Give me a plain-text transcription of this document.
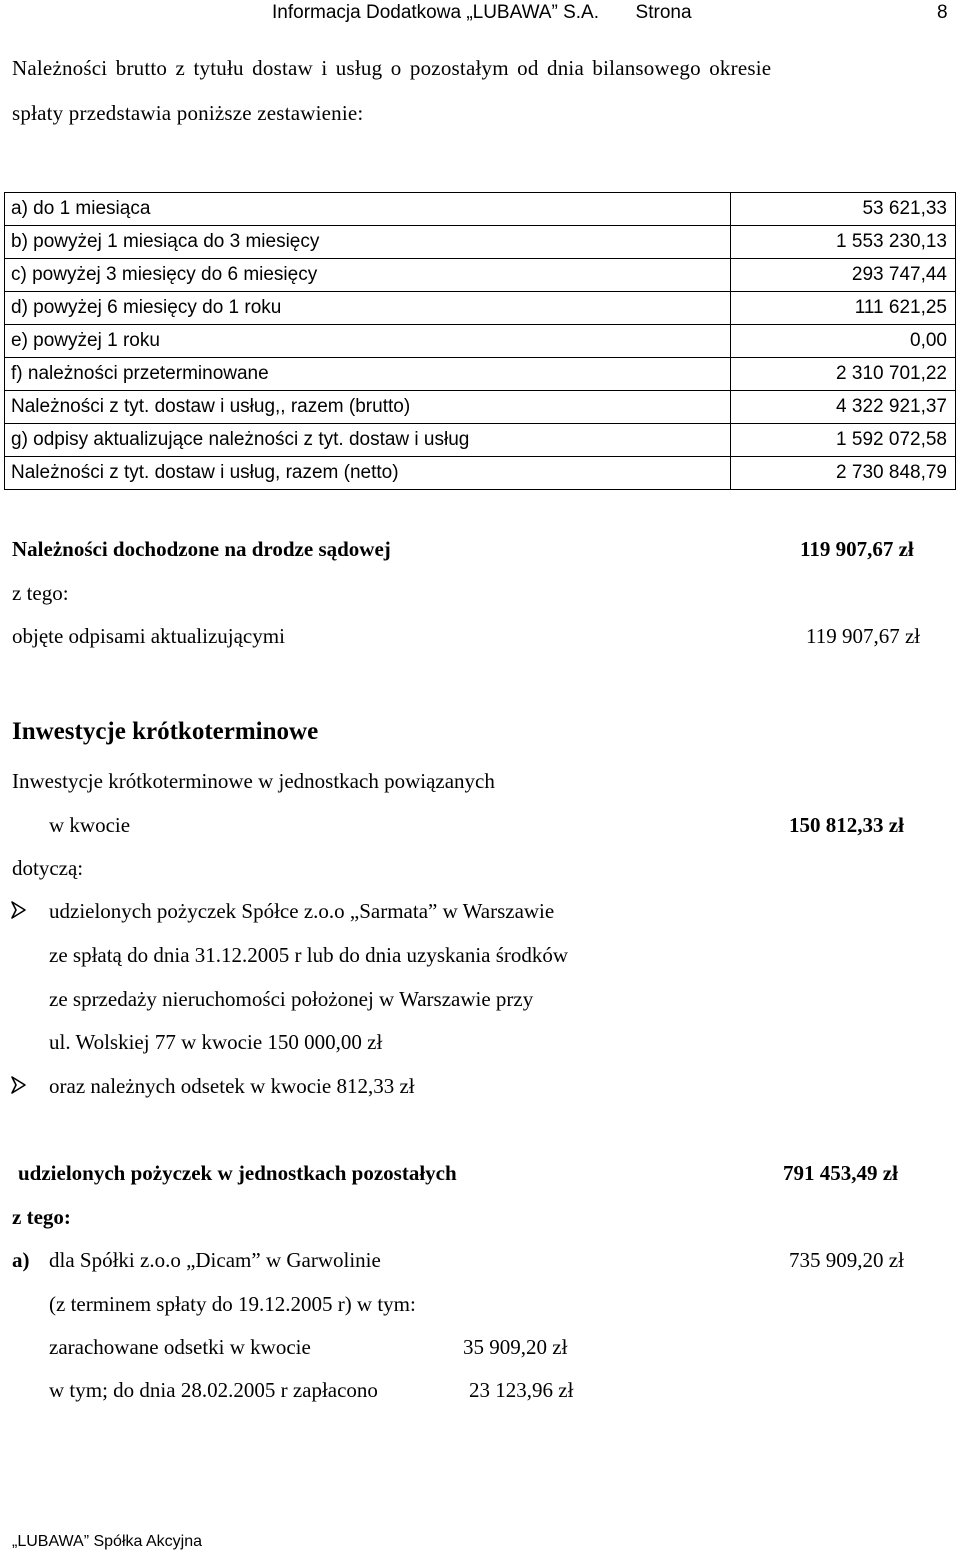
Informacja Dodatkowa „LUBAWA” S.A. Strona	8
Należności brutto z tytułu dostaw i usług o pozostałym od dnia bilansowego okresie
spłaty przedstawia poniższe zestawienie:
a) do 1 miesiąca	53 621,33
b) powyżej 1 miesiąca do 3 miesięcy	1 553 230,13
c) powyżej 3 miesięcy do 6 miesięcy	293 747,44
d) powyżej 6 miesięcy do 1 roku	111 621,25
e) powyżej 1 roku	0,00
f) należności przeterminowane	2 310 701,22
Należności z tyt. dostaw i usług,, razem (brutto)	4 322 921,37
g) odpisy aktualizujące należności z tyt. dostaw i usług	1 592 072,58
Należności z tyt. dostaw i usług, razem (netto)	2 730 848,79
Należności dochodzone na drodze sądowej	119 907,67 zł
z tego:
objęte odpisami aktualizującymi	119 907,67 zł
Inwestycje krótkoterminowe
Inwestycje krótkoterminowe w jednostkach powiązanych
w kwocie	150 812,33 zł
dotyczą:
udzielonych pożyczek Spółce z.o.o „Sarmata” w Warszawie
ze spłatą do dnia 31.12.2005 r lub do dnia uzyskania środków
ze sprzedaży nieruchomości położonej w Warszawie przy
ul. Wolskiej 77 w kwocie 150 000,00 zł
oraz należnych odsetek w kwocie 812,33 zł
udzielonych pożyczek w jednostkach pozostałych	791 453,49 zł
z tego:
a) dla Spółki z.o.o „Dicam” w Garwolinie	735 909,20 zł
(z terminem spłaty do 19.12.2005 r) w tym:
zarachowane odsetki w kwocie	35 909,20 zł
w tym; do dnia 28.02.2005 r zapłacono	23 123,96 zł
„LUBAWA” Spółka Akcyjna
